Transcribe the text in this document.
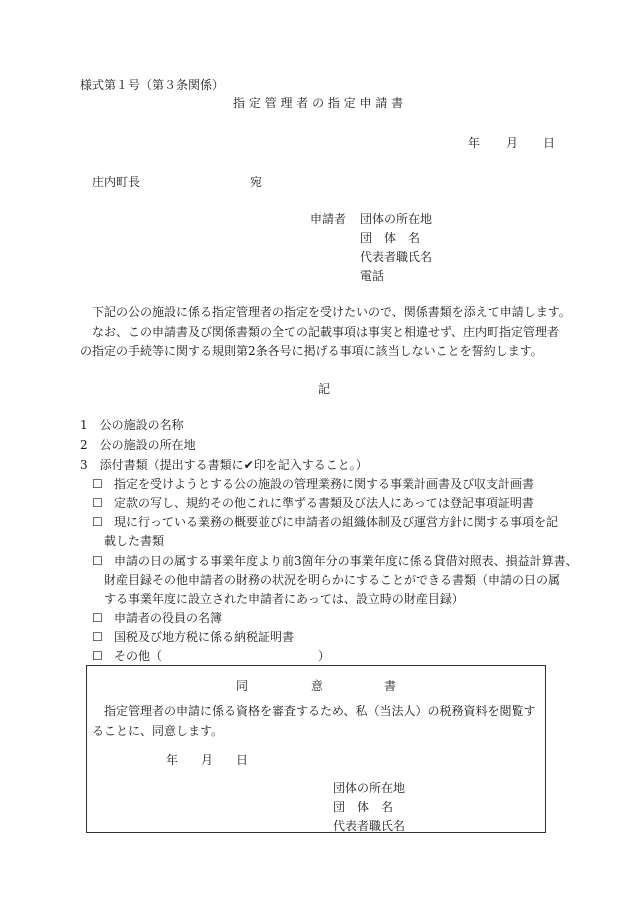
様式第１号（第３条関係）
指 定 管 理 者 の 指 定 申 請 書
年 月 日
庄内町長	宛
申請者 団体の所在地
団　体　名
代表者職氏名
電話
下記の公の施設に係る指定管理者の指定を受けたいので、関係書類を添えて申請します。
なお、この申請書及び関係書類の全ての記載事項は事実と相違せず、庄内町指定管理者
の指定の手続等に関する規則第2条各号に掲げる事項に該当しないことを誓約します。
記
1　公の施設の名称
2　公の施設の所在地
3　添付書類（提出する書類に✔印を記入すること。）
☐ 指定を受けようとする公の施設の管理業務に関する事業計画書及び収支計画書
☐ 定款の写し、規約その他これに準ずる書類及び法人にあっては登記事項証明書
☐ 現に行っている業務の概要並びに申請者の組織体制及び運営方針に関する事項を記
載した書類
☐ 申請の日の属する事業年度より前3箇年分の事業年度に係る貸借対照表、損益計算書、
財産目録その他申請者の財務の状況を明らかにすることができる書類（申請の日の属
する事業年度に設立された申請者にあっては、設立時の財産目録）
☐ 申請者の役員の名簿
☐ 国税及び地方税に係る納税証明書
☐ その他（　　　　　　　　　　　　　）
同	意	書
指定管理者の申請に係る資格を審査するため、私（当法人）の税務資料を閲覧す
ることに、同意します。
年 月 日
団体の所在地
団　体　名
代表者職氏名
